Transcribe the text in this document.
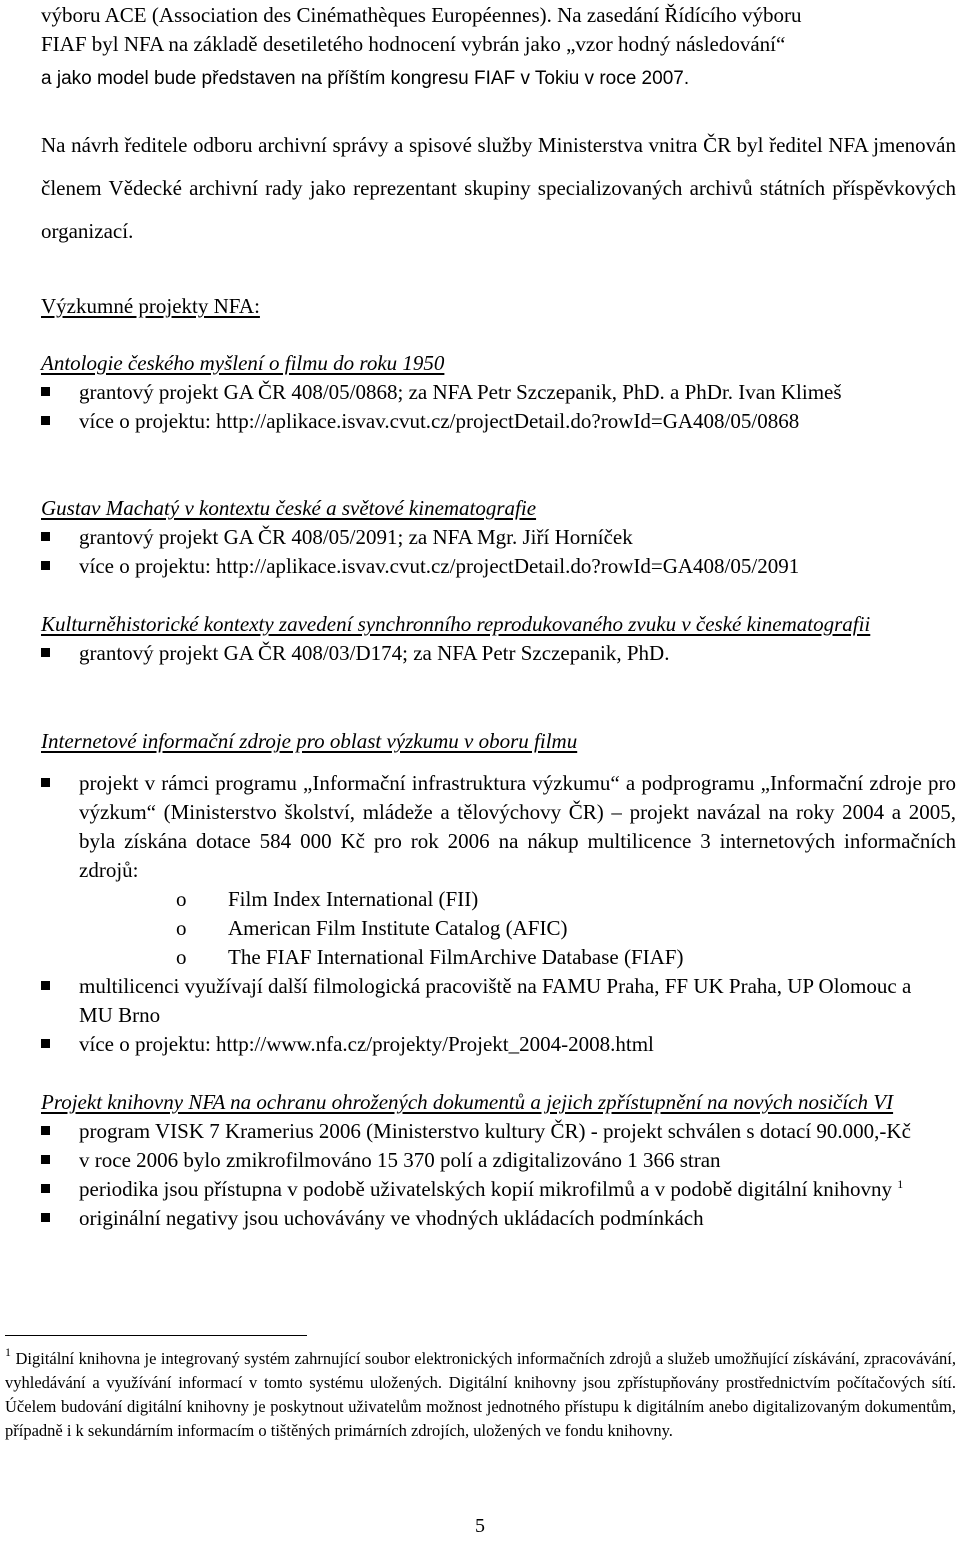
výboru ACE (Association des Cinémathèques Européennes). Na zasedání Řídícího výboru
FIAF byl NFA na základě desetiletého hodnocení vybrán jako „vzor hodný následování“
a jako model bude představen na příštím kongresu FIAF v Tokiu v roce 2007.

Na návrh ředitele odboru archivní správy a spisové služby Ministerstva vnitra ČR byl ředitel NFA jmenován členem Vědecké archivní rady jako reprezentant skupiny specializovaných archivů státních příspěvkových organizací.

Výzkumné projekty NFA:
Antologie českého myšlení o filmu do roku 1950
grantový projekt GA ČR 408/05/0868; za NFA Petr Szczepanik, PhD. a PhDr. Ivan Klimeš
více o projektu: http://aplikace.isvav.cvut.cz/projectDetail.do?rowId=GA408/05/0868
Gustav Machatý v kontextu české a světové kinematografie
grantový projekt GA ČR 408/05/2091; za NFA Mgr. Jiří Horníček
více o projektu: http://aplikace.isvav.cvut.cz/projectDetail.do?rowId=GA408/05/2091
Kulturněhistorické kontexty zavedení synchronního reprodukovaného zvuku v české kinematografii
grantový projekt GA ČR 408/03/D174; za NFA Petr Szczepanik, PhD.
Internetové informační zdroje pro oblast výzkumu v oboru filmu
projekt v rámci programu „Informační infrastruktura výzkumu“ a podprogramu „Informační zdroje pro výzkum“ (Ministerstvo školství, mládeže a tělovýchovy ČR) – projekt navázal na roky 2004 a 2005, byla získána dotace 584 000 Kč pro rok 2006 na nákup multilicence 3 internetových informačních zdrojů:
o Film Index International (FII)
o American Film Institute Catalog (AFIC)
o The FIAF International FilmArchive Database (FIAF)
multilicenci využívají další filmologická pracoviště na FAMU Praha, FF UK Praha, UP Olomouc a MU Brno
více o projektu: http://www.nfa.cz/projekty/Projekt_2004-2008.html
Projekt knihovny NFA na ochranu ohrožených dokumentů a jejich zpřístupnění na nových nosičích VI
program VISK 7 Kramerius 2006 (Ministerstvo kultury ČR) - projekt schválen s dotací 90.000,-Kč
v roce 2006 bylo zmikrofilmováno 15 370 polí a zdigitalizováno 1 366 stran
periodika jsou přístupna v podobě uživatelských kopií mikrofilmů a v podobě digitální knihovny $^1$
originální negativy jsou uchovávány ve vhodných ukládacích podmínkách
$^1$ Digitální knihovna je integrovaný systém zahrnující soubor elektronických informačních zdrojů a služeb umožňující získávání, zpracovávání, vyhledávání a využívání informací v tomto systému uložených. Digitální knihovny jsou zpřístupňovány prostřednictvím počítačových sítí. Účelem budování digitální knihovny je poskytnout uživatelům možnost jednotného přístupu k digitálním anebo digitalizovaným dokumentům, případně i k sekundárním informacím o tištěných primárních zdrojích, uložených ve fondu knihovny.
5
